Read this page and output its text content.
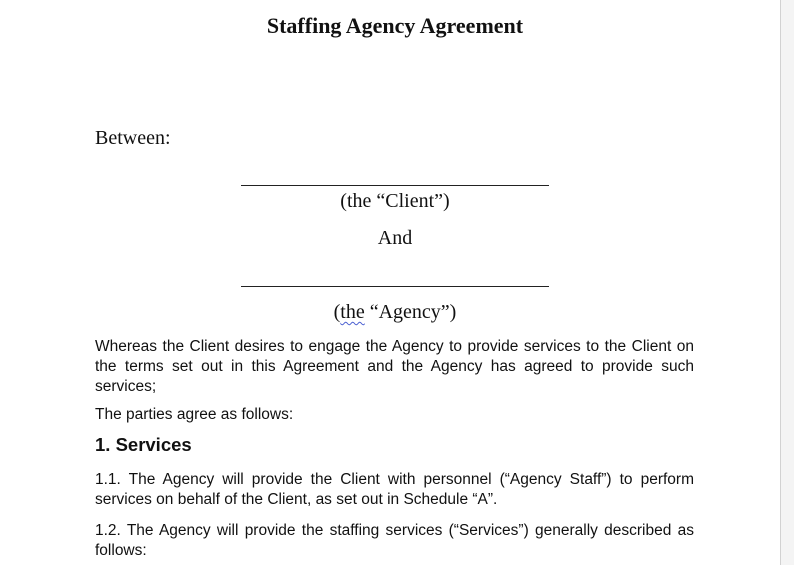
Staffing Agency Agreement
Between:
(the “Client”)
And
(the “Agency”)

Whereas the Client desires to engage the Agency to provide services to the Client on the terms set out in this Agreement and the Agency has agreed to provide such services;

The parties agree as follows:

1. Services

1.1. The Agency will provide the Client with personnel (“Agency Staff”) to perform services on behalf of the Client, as set out in Schedule “A”.

1.2. The Agency will provide the staffing services (“Services”) generally described as follows:
